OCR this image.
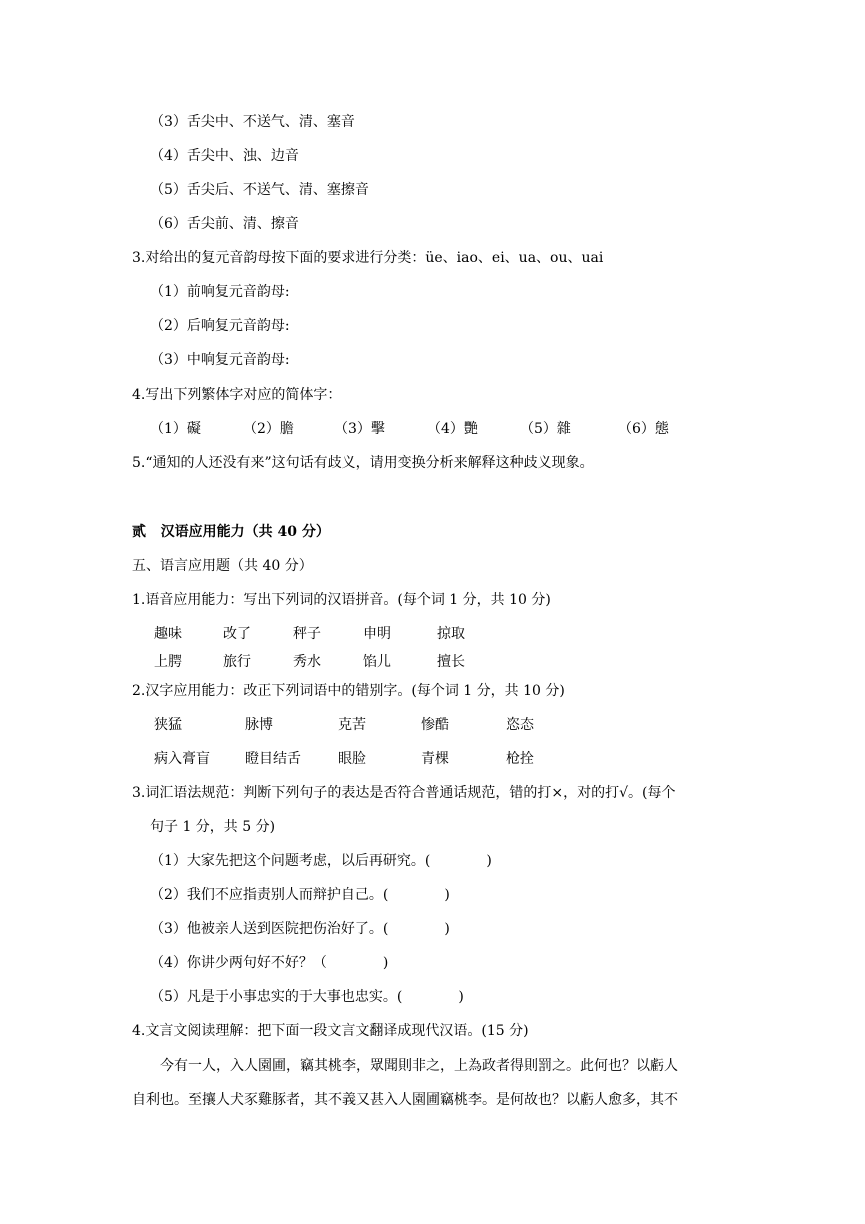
（3）舌尖中、不送气、清、塞音
（4）舌尖中、浊、边音
（5）舌尖后、不送气、清、塞擦音
（6）舌尖前、清、擦音
3.对给出的复元音韵母按下面的要求进行分类：üe、iao、ei、ua、ou、uai
（1）前响复元音韵母:
（2）后响复元音韵母:
（3）中响复元音韵母:
4.写出下列繁体字对应的简体字：
（1）礙	（2）膽	（3）擊	（4）艷	（5）雜	（6）態
5.“通知的人还没有来”这句话有歧义，请用变换分析来解释这种歧义现象。
贰   汉语应用能力（共 40 分）
五、语言应用题（共 40 分）
1.语音应用能力：写出下列词的汉语拼音。(每个词 1 分，共 10 分)
趣味	改了	秤子	申明	掠取
上腭	旅行	秀水	馅儿	擅长
2.汉字应用能力：改正下列词语中的错别字。(每个词 1 分，共 10 分)
狭猛	脉博	克苦	惨酷	恣态
病入膏盲	瞪目结舌	眼脸	青棵	枪拴
3.词汇语法规范：判断下列句子的表达是否符合普通话规范，错的打×，对的打√。(每个
句子 1 分，共 5 分)
（1）大家先把这个问题考虑，以后再研究。(	)
（2）我们不应指责别人而辩护自己。(	)
（3）他被亲人送到医院把伤治好了。(	)
（4）你讲少两句好不好？（	)
（5）凡是于小事忠实的于大事也忠实。(	)
4.文言文阅读理解：把下面一段文言文翻译成现代汉语。(15 分)
今有一人，入人園圃，竊其桃李，眾聞則非之，上為政者得則罰之。此何也？以虧人
自利也。至攘人犬豕雞豚者，其不義又甚入人園圃竊桃李。是何故也？以虧人愈多，其不
